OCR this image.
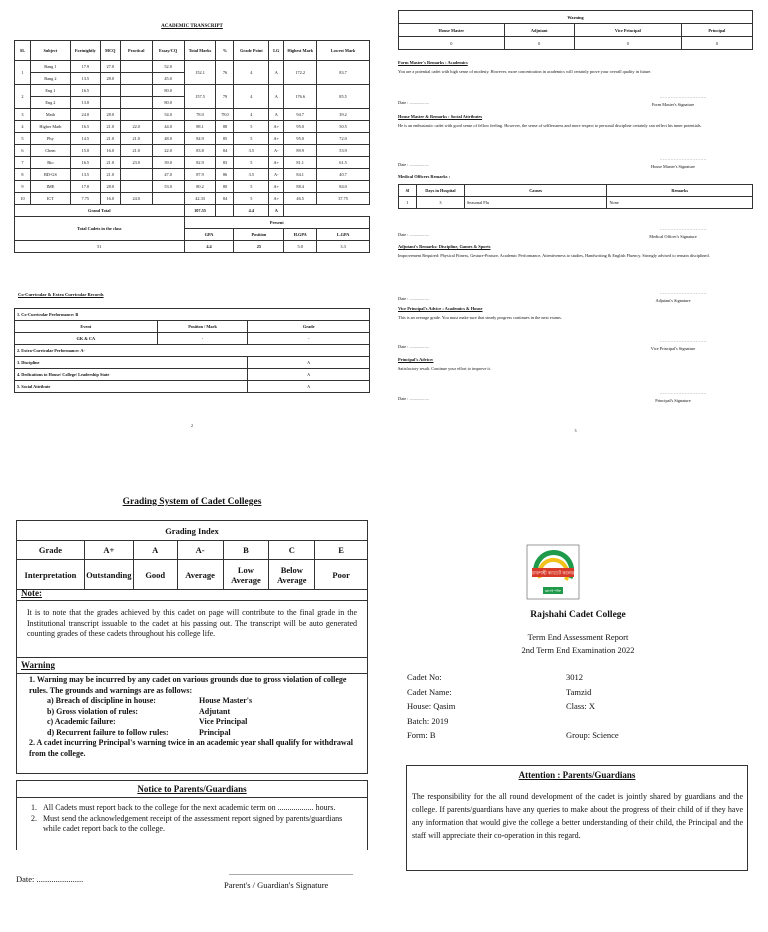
ACADEMIC TRANSCRIPT
SL	Subject	Fortnightly	MCQ	Practical	Essay/CQ	Total Marks	%	Grade Point	LG	Highest Mark	Lowest Mark
1	Bang 1	17.9	27.0		52.0	152.1	76	4	A	172.2	83.7
	Bang 2	13.5	28.0		45.0						
2	Eng 1	16.5			80.0	157.5	79	4	A	176.6	85.5
	Eng 2	13.0			80.0						
3	Math	24.0	28.0		54.0	78.0	78.0	4	A	94.7	39.2
4	Higher Math	16.5	21.0	22.0	44.0	88.1	88	5	A+	95.0	50.5
5	Phy	14.5	21.0	21.0	48.0	84.9	85	5	A+	95.0	72.0
6	Chem	15.0	16.0	21.0	22.0	83.8	84	3.5	A-	89.9	53.9
7	Bio	16.5	21.0	23.0	39.0	82.9	83	5	A+	81.1	61.5
8	BD-GS	13.5	21.0		47.0	87.9	86	3.5	A-	84.1	40.7
9	IME	17.0	28.0		53.0	80.2	80	5	A+	88.4	84.0
10	ICT	7.75	16.0	24.0		42.33	84	5	A+	46.5	37.75
Grand Total						107.55		4.4	A		
Total Cadets in the class						Present					
						GPA		Position		H.GPA	L.GPA
51						4.4		25		5.0	3.3
Co-Curricular & Extra Curricular Records
1. Co-Curricular Performance: B		
Event	Position / Mark	Grade
GK & CA	-	-
2. Extra-Curricular Performance: A-		
3. Discipline		A
4. Dedications to House/ College/ Leadership State		A
5. Social Attribute		A
2
Warning			
House Master	Adjutant	Vice Principal	Principal
0	0	0	0
Form Master's Remarks : Academics
You are a potential cadet with high sense of modesty. However, more concentration in academics will certainly prove your overall quality in future.
Date : ..................
..............................
Form Master's Signature
House Master & Remarks : Social Attributes
He is an enthusiastic cadet with good sense of fellow feeling. However, the sense of selflessness and more respect to personal discipline certainly can reflect his inner potentials.
Date : ..................
..............................
House Master's Signature
Medical Officers Remarks :
Sl	Days in Hospital	Causes	Remarks
1	3	Seasonal Flu	None
Date : ..................
..............................
Medical Officer's Signature
Adjutant's Remarks: Discipline, Games & Sports
Improvement Required: Physical Fitness, Gesture-Posture, Academic Performance, Attentiveness to studies, Handwriting & English Fluency. Strongly advised to remain disciplined.
Date : ..................
..............................
Adjutant's Signature
Vice Principal's Advice : Academics & House
This is an average grade. You must make sure that steady progress continues in the next exams.
Date : ..................
..............................
Vice Principal's Signature
Principal's Advice:
Satisfactory result. Continue your effort to improve it.
Date : ..................
..............................
Principal's Signature
3
Grading System of Cadet Colleges
Grading Index						
Grade	A+	A	A-	B	C	E
Interpretation	Outstanding	Good	Average	Low Average	Below Average	Poor
Note:
It is to note that the grades achieved by this cadet on page will contribute to the final grade in the Institutional transcript issuable to the cadet at his passing out. The transcript will be auto generated counting grades of these cadets throughout his college life.
Warning
1. Warning may be incurred by any cadet on various grounds due to gross violation of college rules. The grounds and warnings are as follows:
a) Breach of discipline in house:	House Master's
b) Gross violation of rules:	Adjutant
c) Academic failure:	Vice Principal
d) Recurrent failure to follow rules:	Principal
2. A cadet incurring Principal's warning twice in an academic year shall qualify for withdrawal from the college.
Notice to Parents/Guardians
1. All Cadets must report back to the college for the next academic term on .................. hours.
2. Must send the acknowledgement receipt of the assessment report signed by parents/guardians while cadet report back to the college.
Date: ......................
..............................................................
Parent's / Guardian's Signature
রাজশাহী ক্যাডেট কলেজ
জ্ঞানই শক্তি
Rajshahi Cadet College
Term End Assessment Report
2nd Term End Examination 2022
Cadet No:	3012
Cadet Name:	Tamzid
House: Qasim	Class: X
Batch: 2019
Form: B	Group: Science
Attention : Parents/Guardians
The responsibility for the all round development of the cadet is jointly shared by guardians and the college. If parents/guardians have any queries to make about the progress of their child of if they have any information that would give the college a better understanding of their child, the Principal and the staff will appreciate their co-operation in this regard.
